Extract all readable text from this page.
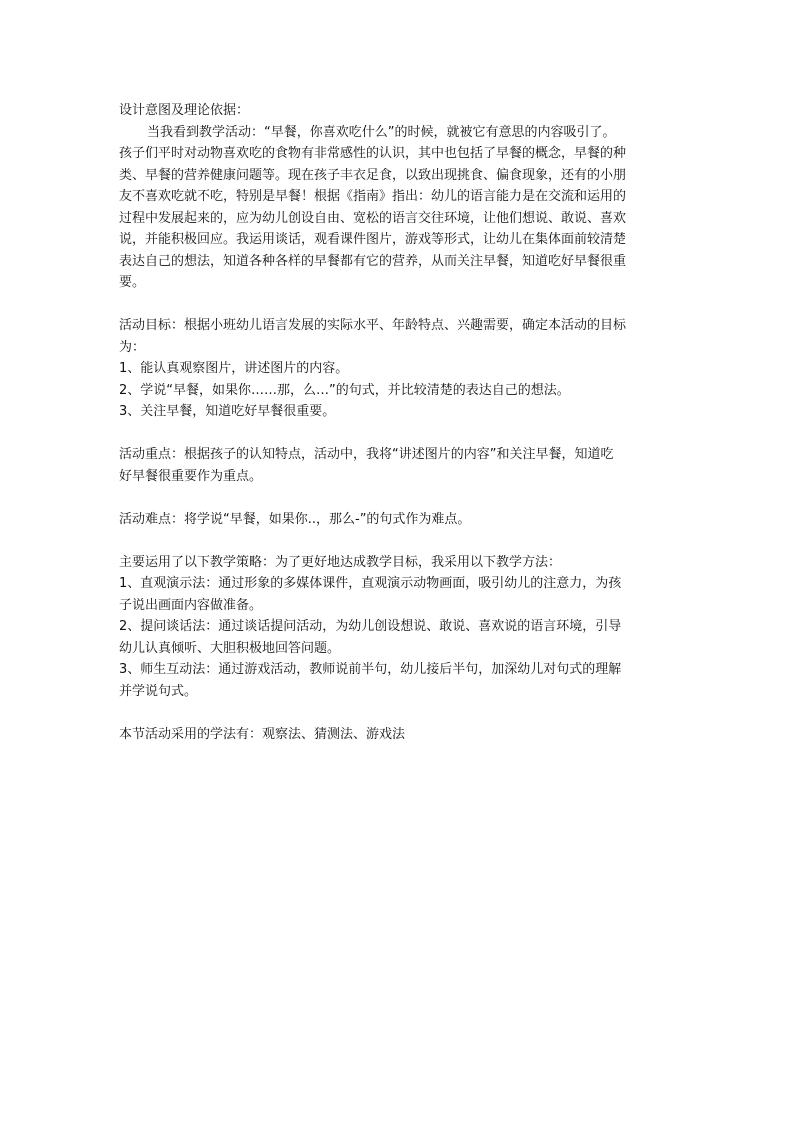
设计意图及理论依据：
当我看到教学活动：“早餐，你喜欢吃什么”的时候，就被它有意思的内容吸引了。
孩子们平时对动物喜欢吃的食物有非常感性的认识，其中也包括了早餐的概念，早餐的种
类、早餐的营养健康问题等。现在孩子丰衣足食，以致出现挑食、偏食现象，还有的小朋
友不喜欢吃就不吃，特别是早餐！根据《指南》指出：幼儿的语言能力是在交流和运用的
过程中发展起来的，应为幼儿创设自由、宽松的语言交往环境，让他们想说、敢说、喜欢
说，并能积极回应。我运用谈话，观看课件图片，游戏等形式，让幼儿在集体面前较清楚
表达自己的想法，知道各种各样的早餐都有它的营养，从而关注早餐，知道吃好早餐很重
要。
活动目标：根据小班幼儿语言发展的实际水平、年龄特点、兴趣需要，确定本活动的目标
为：
1、能认真观察图片，讲述图片的内容。
2、学说“早餐，如果你……那，么…”的句式，并比较清楚的表达自己的想法。
3、关注早餐，知道吃好早餐很重要。
活动重点：根据孩子的认知特点，活动中，我将“讲述图片的内容”和关注早餐，知道吃
好早餐很重要作为重点。
活动难点：将学说“早餐，如果你..，那么-”的句式作为难点。
主要运用了以下教学策略：为了更好地达成教学目标，我采用以下教学方法：
1、直观演示法：通过形象的多媒体课件，直观演示动物画面，吸引幼儿的注意力，为孩
子说出画面内容做准备。
2、提问谈话法：通过谈话提问活动，为幼儿创设想说、敢说、喜欢说的语言环境，引导
幼儿认真倾听、大胆积极地回答问题。
3、师生互动法：通过游戏活动，教师说前半句，幼儿接后半句，加深幼儿对句式的理解
并学说句式。
本节活动采用的学法有：观察法、猜测法、游戏法
